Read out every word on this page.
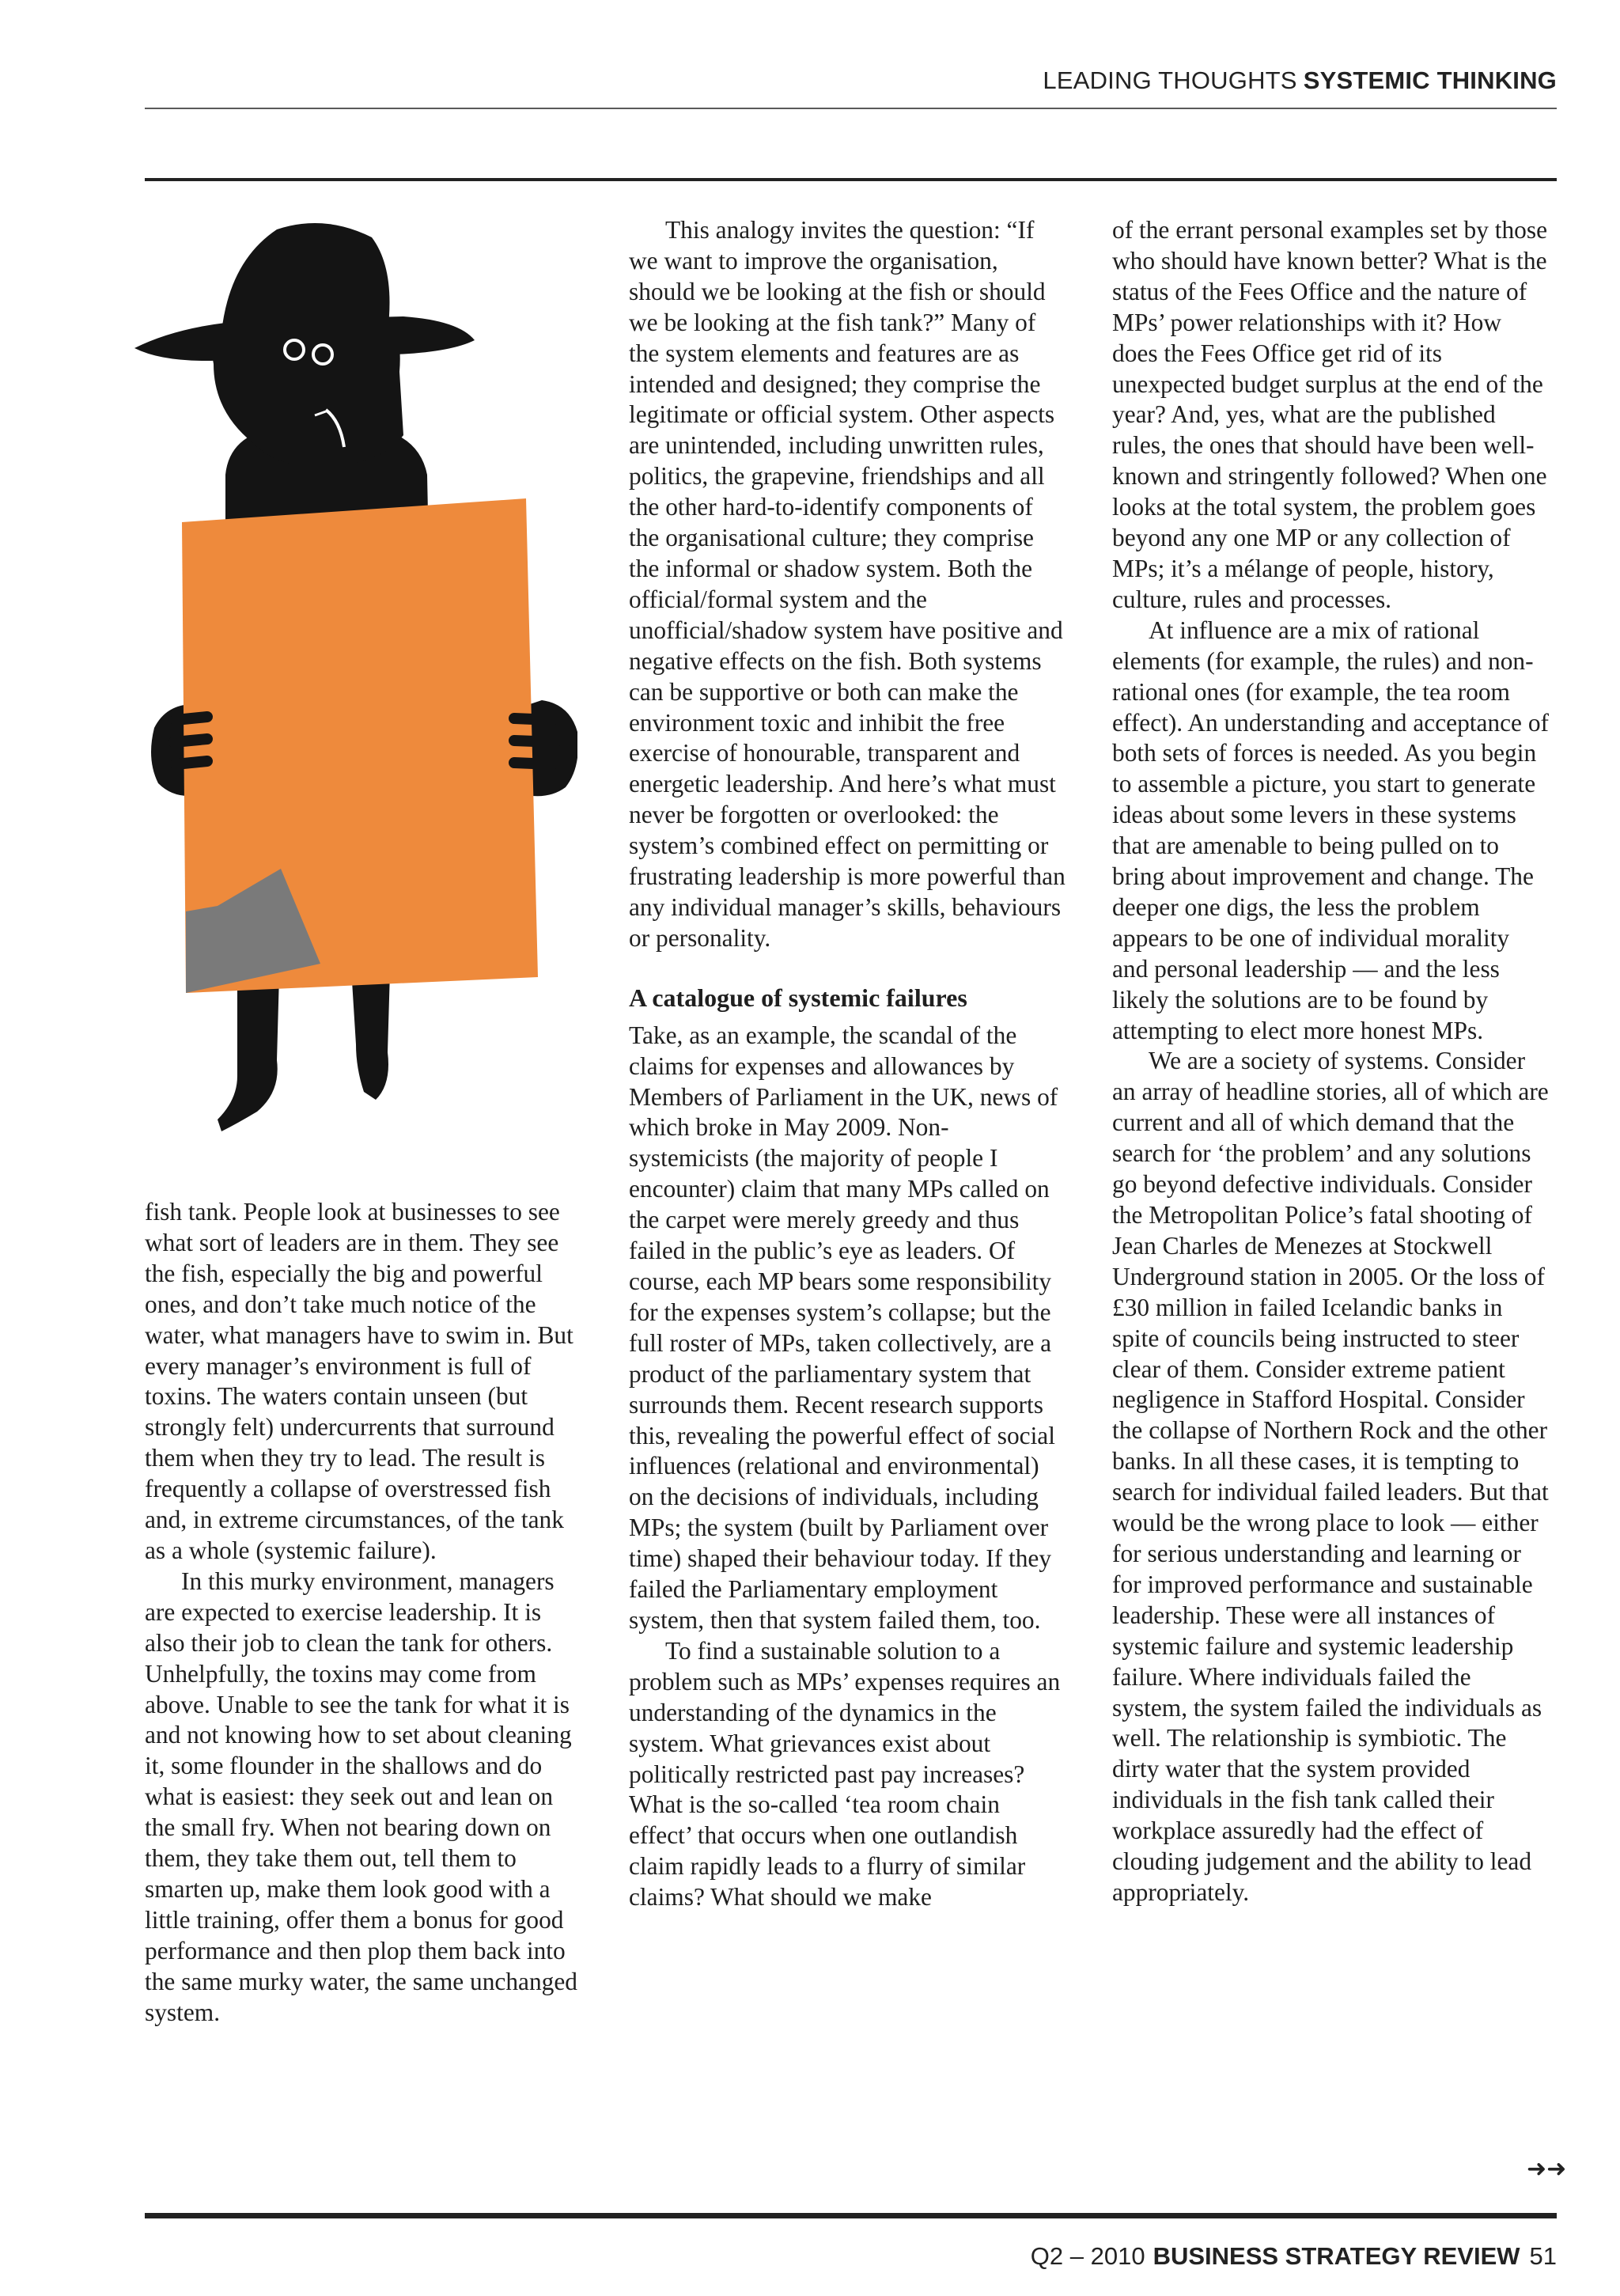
LEADING THOUGHTS SYSTEMIC THINKING

fish tank. People look at businesses to see what sort of leaders are in them. They see the fish, especially the big and powerful ones, and don’t take much notice of the water, what managers have to swim in. But every manager’s environment is full of toxins. The waters contain unseen (but strongly felt) undercurrents that surround them when they try to lead. The result is frequently a collapse of overstressed fish and, in extreme circumstances, of the tank as a whole (systemic failure).

In this murky environment, managers are expected to exercise leadership. It is also their job to clean the tank for others. Unhelpfully, the toxins may come from above. Unable to see the tank for what it is and not knowing how to set about cleaning it, some flounder in the shallows and do what is easiest: they seek out and lean on the small fry. When not bearing down on them, they take them out, tell them to smarten up, make them look good with a little training, offer them a bonus for good performance and then plop them back into the same murky water, the same unchanged system.

This analogy invites the question: “If we want to improve the organisation, should we be looking at the fish or should we be looking at the fish tank?” Many of the system elements and features are as intended and designed; they comprise the legitimate or official system. Other aspects are unintended, including unwritten rules, politics, the grapevine, friendships and all the other hard-to-identify components of the organisational culture; they comprise the informal or shadow system. Both the official/formal system and the unofficial/shadow system have positive and negative effects on the fish. Both systems can be supportive or both can make the environment toxic and inhibit the free exercise of honourable, transparent and energetic leadership. And here’s what must never be forgotten or overlooked: the system’s combined effect on permitting or frustrating leadership is more powerful than any individual manager’s skills, behaviours or personality.

A catalogue of systemic failures

Take, as an example, the scandal of the claims for expenses and allowances by Members of Parliament in the UK, news of which broke in May 2009. Non-systemicists (the majority of people I encounter) claim that many MPs called on the carpet were merely greedy and thus failed in the public’s eye as leaders. Of course, each MP bears some responsibility for the expenses system’s collapse; but the full roster of MPs, taken collectively, are a product of the parliamentary system that surrounds them. Recent research supports this, revealing the powerful effect of social influences (relational and environmental) on the decisions of individuals, including MPs; the system (built by Parliament over time) shaped their behaviour today. If they failed the Parliamentary employment system, then that system failed them, too.

To find a sustainable solution to a problem such as MPs’ expenses requires an understanding of the dynamics in the system. What grievances exist about politically restricted past pay increases? What is the so-called ‘tea room chain effect’ that occurs when one outlandish claim rapidly leads to a flurry of similar claims? What should we make

of the errant personal examples set by those who should have known better? What is the status of the Fees Office and the nature of MPs’ power relationships with it? How does the Fees Office get rid of its unexpected budget surplus at the end of the year? And, yes, what are the published rules, the ones that should have been well-known and stringently followed? When one looks at the total system, the problem goes beyond any one MP or any collection of MPs; it’s a mélange of people, history, culture, rules and processes.

At influence are a mix of rational elements (for example, the rules) and non-rational ones (for example, the tea room effect). An understanding and acceptance of both sets of forces is needed. As you begin to assemble a picture, you start to generate ideas about some levers in these systems that are amenable to being pulled on to bring about improvement and change. The deeper one digs, the less the problem appears to be one of individual morality and personal leadership — and the less likely the solutions are to be found by attempting to elect more honest MPs.

We are a society of systems. Consider an array of headline stories, all of which are current and all of which demand that the search for ‘the problem’ and any solutions go beyond defective individuals. Consider the Metropolitan Police’s fatal shooting of Jean Charles de Menezes at Stockwell Underground station in 2005. Or the loss of £30 million in failed Icelandic banks in spite of councils being instructed to steer clear of them. Consider extreme patient negligence in Stafford Hospital. Consider the collapse of Northern Rock and the other banks. In all these cases, it is tempting to search for individual failed leaders. But that would be the wrong place to look — either for serious understanding and learning or for improved performance and sustainable leadership. These were all instances of systemic failure and systemic leadership failure. Where individuals failed the system, the system failed the individuals as well. The relationship is symbiotic. The dirty water that the system provided individuals in the fish tank called their workplace assuredly had the effect of clouding judgement and the ability to lead appropriately.

➜➜
Q2 – 2010 BUSINESS STRATEGY REVIEW 51
